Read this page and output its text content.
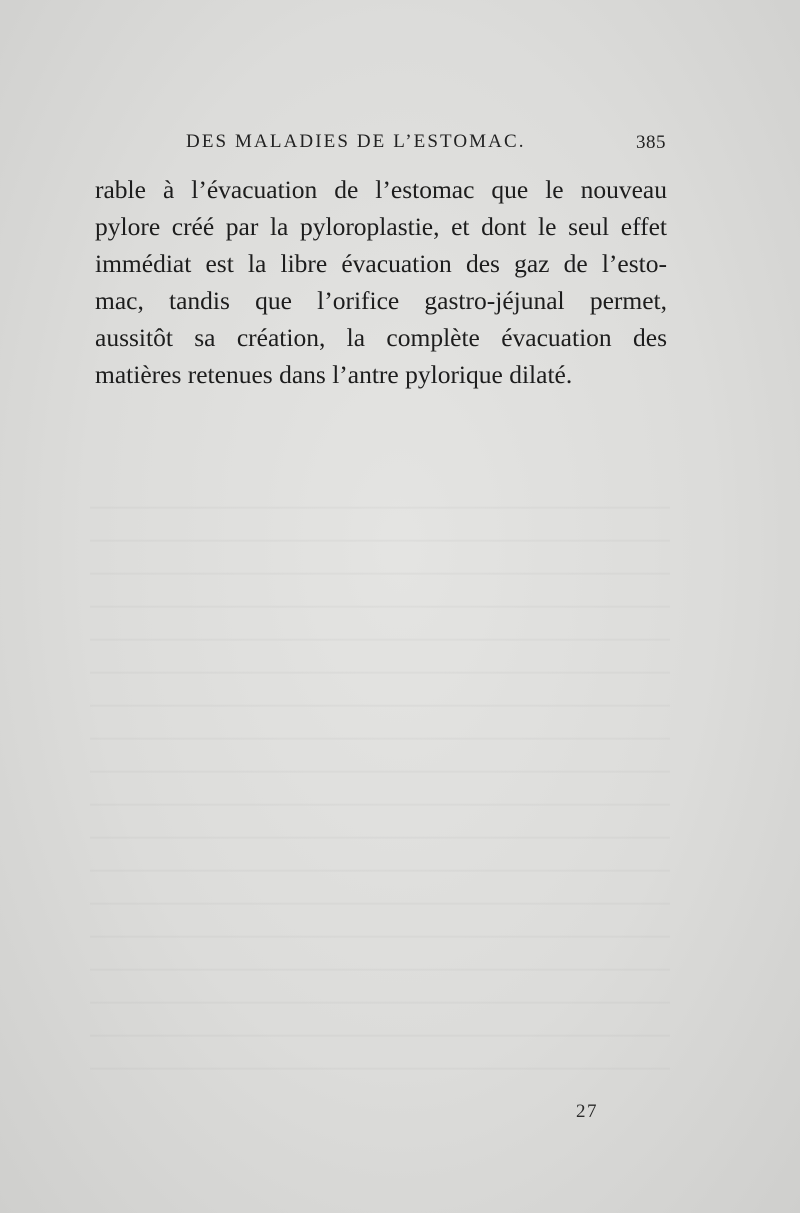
DES MALADIES DE L’ESTOMAC.	385
rable à l’évacuation de l’estomac que le nouveau
pylore créé par la pyloroplastie, et dont le seul effet
immédiat est la libre évacuation des gaz de l’esto-
mac, tandis que l’orifice gastro-jéjunal permet,
aussitôt sa création, la complète évacuation des
matières retenues dans l’antre pylorique dilaté.
27
